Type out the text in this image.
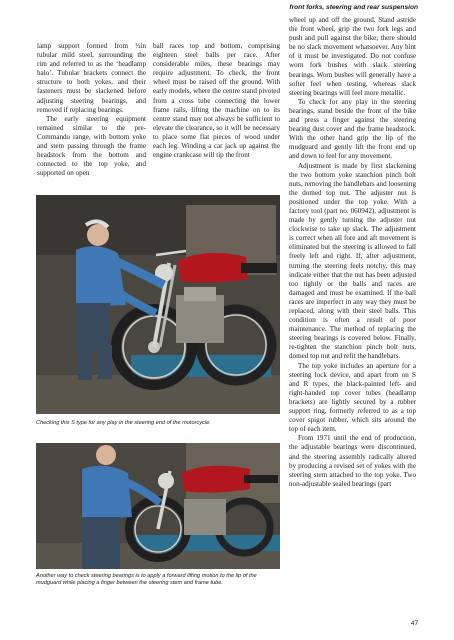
front forks, steering and rear suspension

lamp support formed from ½in tubular mild steel, surrounding the rim and referred to as the ‘headlamp halo’. Tubular brackets connect the structure to both yokes, and their fasteners must be slackened before adjusting steering bearings, and removed if replacing bearings.

The early steering equipment remained similar to the pre-Commando range, with bottom yoke and stem passing through the frame headstock from the bottom and connected to the top yoke, and supported on open

ball races top and bottom, comprising eighteen steel balls per race. After considerable miles, these bearings may require adjustment. To check, the front wheel must be raised off the ground. With early models, where the centre stand pivoted from a cross tube connecting the lower frame rails, lifting the machine on to its centre stand may not always be sufficient to elevate the clearance, so it will be necessary to place some flat pieces of wood under each leg. Winding a car jack up against the engine crankcase will tip the front

wheel up and off the ground. Stand astride the front wheel, grip the two fork legs and push and pull against the bike; there should be no slack movement whatsoever. Any hint of it must be investigated. Do not confuse worn fork bushes with slack steering bearings. Worn bushes will generally have a softer feel when testing, whereas slack steering bearings will feel more metallic.

To check for any play in the steering bearings, stand beside the front of the bike and press a finger against the steering bearing dust cover and the frame headstock. With the other hand grip the lip of the mudguard and gently lift the front end up and down to feel for any movement.

Adjustment is made by first slackening the two bottom yoke stanchion pinch bolt nuts, removing the handlebars and loosening the domed top nut. The adjuster nut is positioned under the top yoke. With a factory tool (part no. 060942), adjustment is made by gently turning the adjuster nut clockwise to take up slack. The adjustment is correct when all fore and aft movement is eliminated but the steering is allowed to fall freely left and right. If, after adjustment, turning the steering feels notchy, this may indicate either that the nut has been adjusted too tightly or the balls and races are damaged and must be examined. If the ball races are imperfect in any way they must be replaced, along with their steel balls. This condition is often a result of poor maintenance. The method of replacing the steering bearings is covered below. Finally, re-tighten the stanchion pinch bolt nuts, domed top nut and refit the handlebars.

The top yoke includes an aperture for a steering lock device, and apart from on S and R types, the black-painted left- and right-handed top cover tubes (headlamp brackets) are lightly secured by a rubber support ring, formerly referred to as a top cover spigot rubber, which sits around the top of each item.

From 1971 until the end of production, the adjustable bearings were discontinued, and the steering assembly radically altered by producing a revised set of yokes with the steering stem attached to the top yoke. Two non-adjustable sealed bearings (part

Checking this S type for any play in the steering end of the motorcycle.
Another way to check steering bearings is to apply a forward lifting motion to the lip of the mudguard while placing a finger between the steering stem and frame tube.
47
